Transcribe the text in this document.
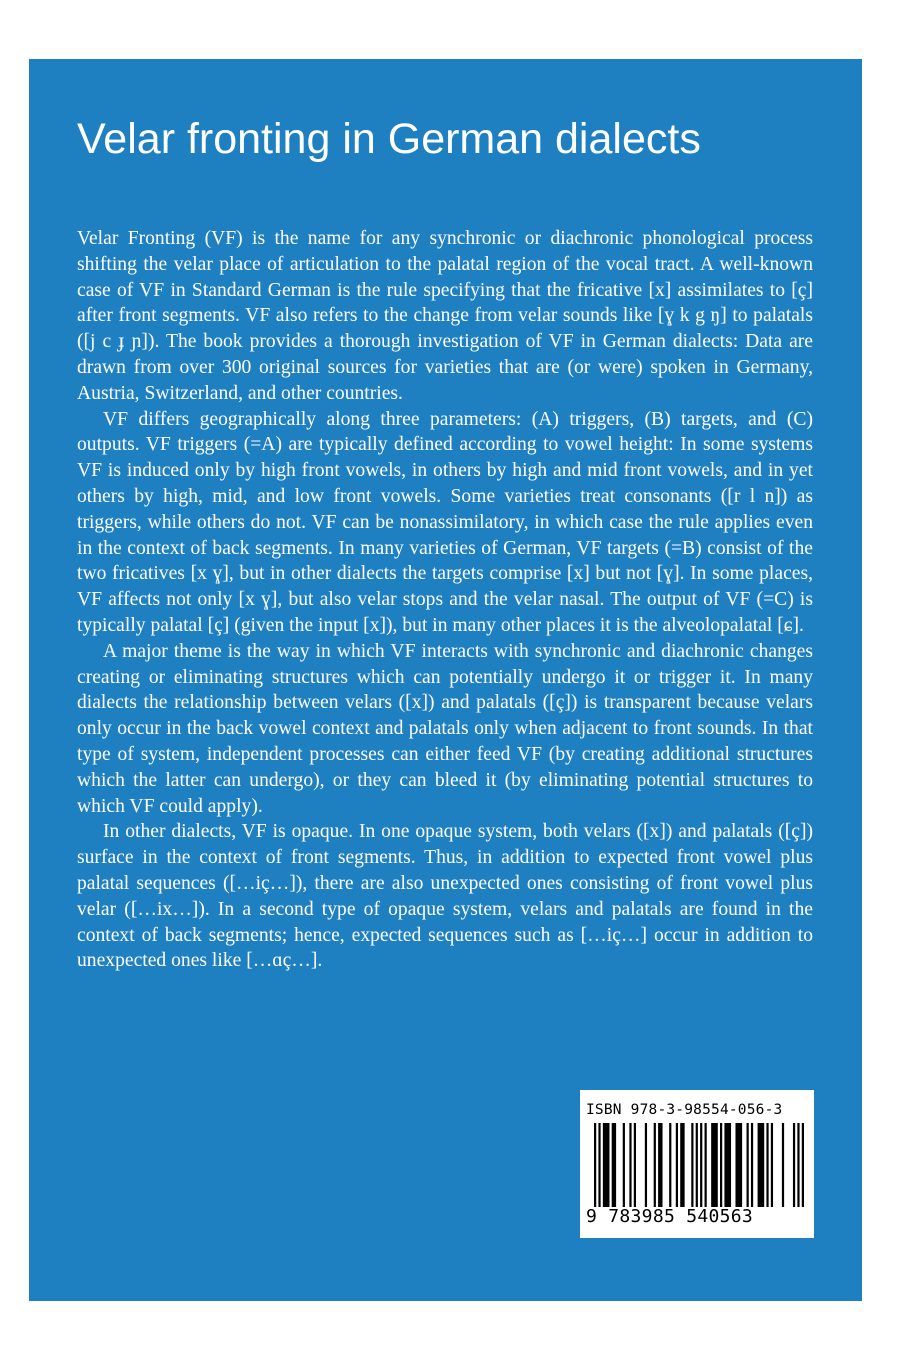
Velar fronting in German dialects

Velar Fronting (VF) is the name for any synchronic or diachronic phonological process shifting the velar place of articulation to the palatal region of the vocal tract. A well-known case of VF in Standard German is the rule specifying that the fricative [x] assimilates to [ç] after front segments. VF also refers to the change from velar sounds like [ɣ k g ŋ] to palatals ([j c ɟ ɲ]). The book provides a thorough investigation of VF in German dialects: Data are drawn from over 300 original sources for varieties that are (or were) spoken in Germany, Austria, Switzerland, and other countries.

VF differs geographically along three parameters: (A) triggers, (B) targets, and (C) outputs. VF triggers (=A) are typically defined according to vowel height: In some systems VF is induced only by high front vowels, in others by high and mid front vowels, and in yet others by high, mid, and low front vowels. Some varieties treat consonants ([r l n]) as triggers, while others do not. VF can be nonassimilatory, in which case the rule applies even in the context of back segments. In many varieties of German, VF targets (=B) consist of the two fricatives [x ɣ], but in other dialects the targets comprise [x] but not [ɣ]. In some places, VF affects not only [x ɣ], but also velar stops and the velar nasal. The output of VF (=C) is typically palatal [ç] (given the input [x]), but in many other places it is the alveolopalatal [ɕ].

A major theme is the way in which VF interacts with synchronic and diachronic changes creating or eliminating structures which can potentially undergo it or trigger it. In many dialects the relationship between velars ([x]) and palatals ([ç]) is transparent because velars only occur in the back vowel context and palatals only when adjacent to front sounds. In that type of system, independent processes can either feed VF (by creating additional structures which the latter can undergo), or they can bleed it (by eliminating potential structures to which VF could apply).

In other dialects, VF is opaque. In one opaque system, both velars ([x]) and palatals ([ç]) surface in the context of front segments. Thus, in addition to expected front vowel plus palatal sequences ([…iç…]), there are also unexpected ones consisting of front vowel plus velar ([…ix…]). In a second type of opaque system, velars and palatals are found in the context of back segments; hence, expected sequences such as […iç…] occur in addition to unexpected ones like […ɑç…].

ISBN 978-3-98554-056-3
9 783985 540563
